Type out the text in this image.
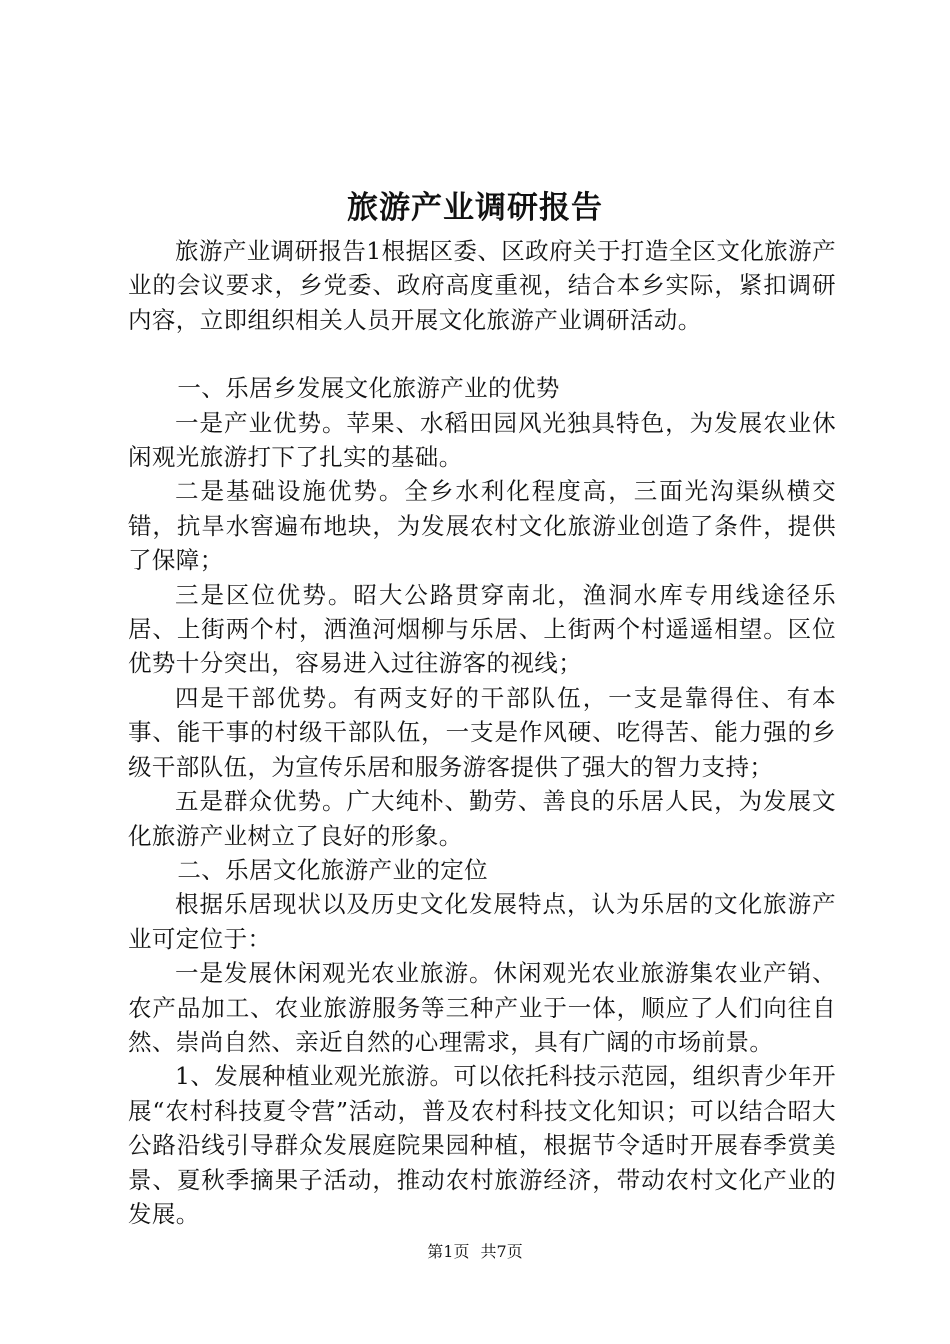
旅游产业调研报告

旅游产业调研报告1根据区委、区政府关于打造全区文化旅游产业的会议要求，乡党委、政府高度重视，结合本乡实际，紧扣调研内容，立即组织相关人员开展文化旅游产业调研活动。

一、乐居乡发展文化旅游产业的优势

一是产业优势。苹果、水稻田园风光独具特色，为发展农业休闲观光旅游打下了扎实的基础。

二是基础设施优势。全乡水利化程度高，三面光沟渠纵横交错，抗旱水窖遍布地块，为发展农村文化旅游业创造了条件，提供了保障；

三是区位优势。昭大公路贯穿南北，渔洞水库专用线途径乐居、上街两个村，洒渔河烟柳与乐居、上街两个村遥遥相望。区位优势十分突出，容易进入过往游客的视线；

四是干部优势。有两支好的干部队伍，一支是靠得住、有本事、能干事的村级干部队伍，一支是作风硬、吃得苦、能力强的乡级干部队伍，为宣传乐居和服务游客提供了强大的智力支持；

五是群众优势。广大纯朴、勤劳、善良的乐居人民，为发展文化旅游产业树立了良好的形象。

二、乐居文化旅游产业的定位

根据乐居现状以及历史文化发展特点，认为乐居的文化旅游产业可定位于：

一是发展休闲观光农业旅游。休闲观光农业旅游集农业产销、农产品加工、农业旅游服务等三种产业于一体，顺应了人们向往自然、崇尚自然、亲近自然的心理需求，具有广阔的市场前景。

1、发展种植业观光旅游。可以依托科技示范园，组织青少年开展“农村科技夏令营”活动，普及农村科技文化知识；可以结合昭大公路沿线引导群众发展庭院果园种植，根据节令适时开展春季赏美景、夏秋季摘果子活动，推动农村旅游经济，带动农村文化产业的发展。

第1页 共7页
